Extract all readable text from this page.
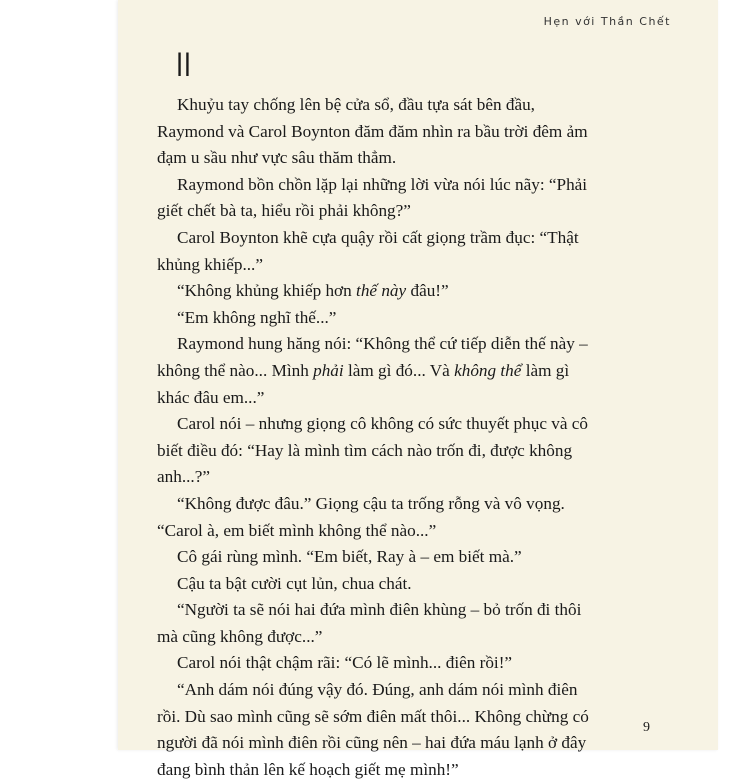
Hẹn với Thần Chết
II

Khuỷu tay chống lên bệ cửa sổ, đầu tựa sát bên đầu, Raymond và Carol Boynton đăm đăm nhìn ra bầu trời đêm ảm đạm u sầu như vực sâu thăm thẳm.

Raymond bồn chồn lặp lại những lời vừa nói lúc nãy: “Phải giết chết bà ta, hiểu rồi phải không?”

Carol Boynton khẽ cựa quậy rồi cất giọng trầm đục: “Thật khủng khiếp...”

“Không khủng khiếp hơn thế này đâu!”

“Em không nghĩ thế...”

Raymond hung hăng nói: “Không thể cứ tiếp diễn thế này – không thể nào... Mình phải làm gì đó... Và không thể làm gì khác đâu em...”

Carol nói – nhưng giọng cô không có sức thuyết phục và cô biết điều đó: “Hay là mình tìm cách nào trốn đi, được không anh...?”

“Không được đâu.” Giọng cậu ta trống rỗng và vô vọng. “Carol à, em biết mình không thể nào...”

Cô gái rùng mình. “Em biết, Ray à – em biết mà.”

Cậu ta bật cười cụt lủn, chua chát.

“Người ta sẽ nói hai đứa mình điên khùng – bỏ trốn đi thôi mà cũng không được...”

Carol nói thật chậm rãi: “Có lẽ mình... điên rồi!”

“Anh dám nói đúng vậy đó. Đúng, anh dám nói mình điên rồi. Dù sao mình cũng sẽ sớm điên mất thôi... Không chừng có người đã nói mình điên rồi cũng nên – hai đứa máu lạnh ở đây đang bình thản lên kế hoạch giết mẹ mình!”

9
